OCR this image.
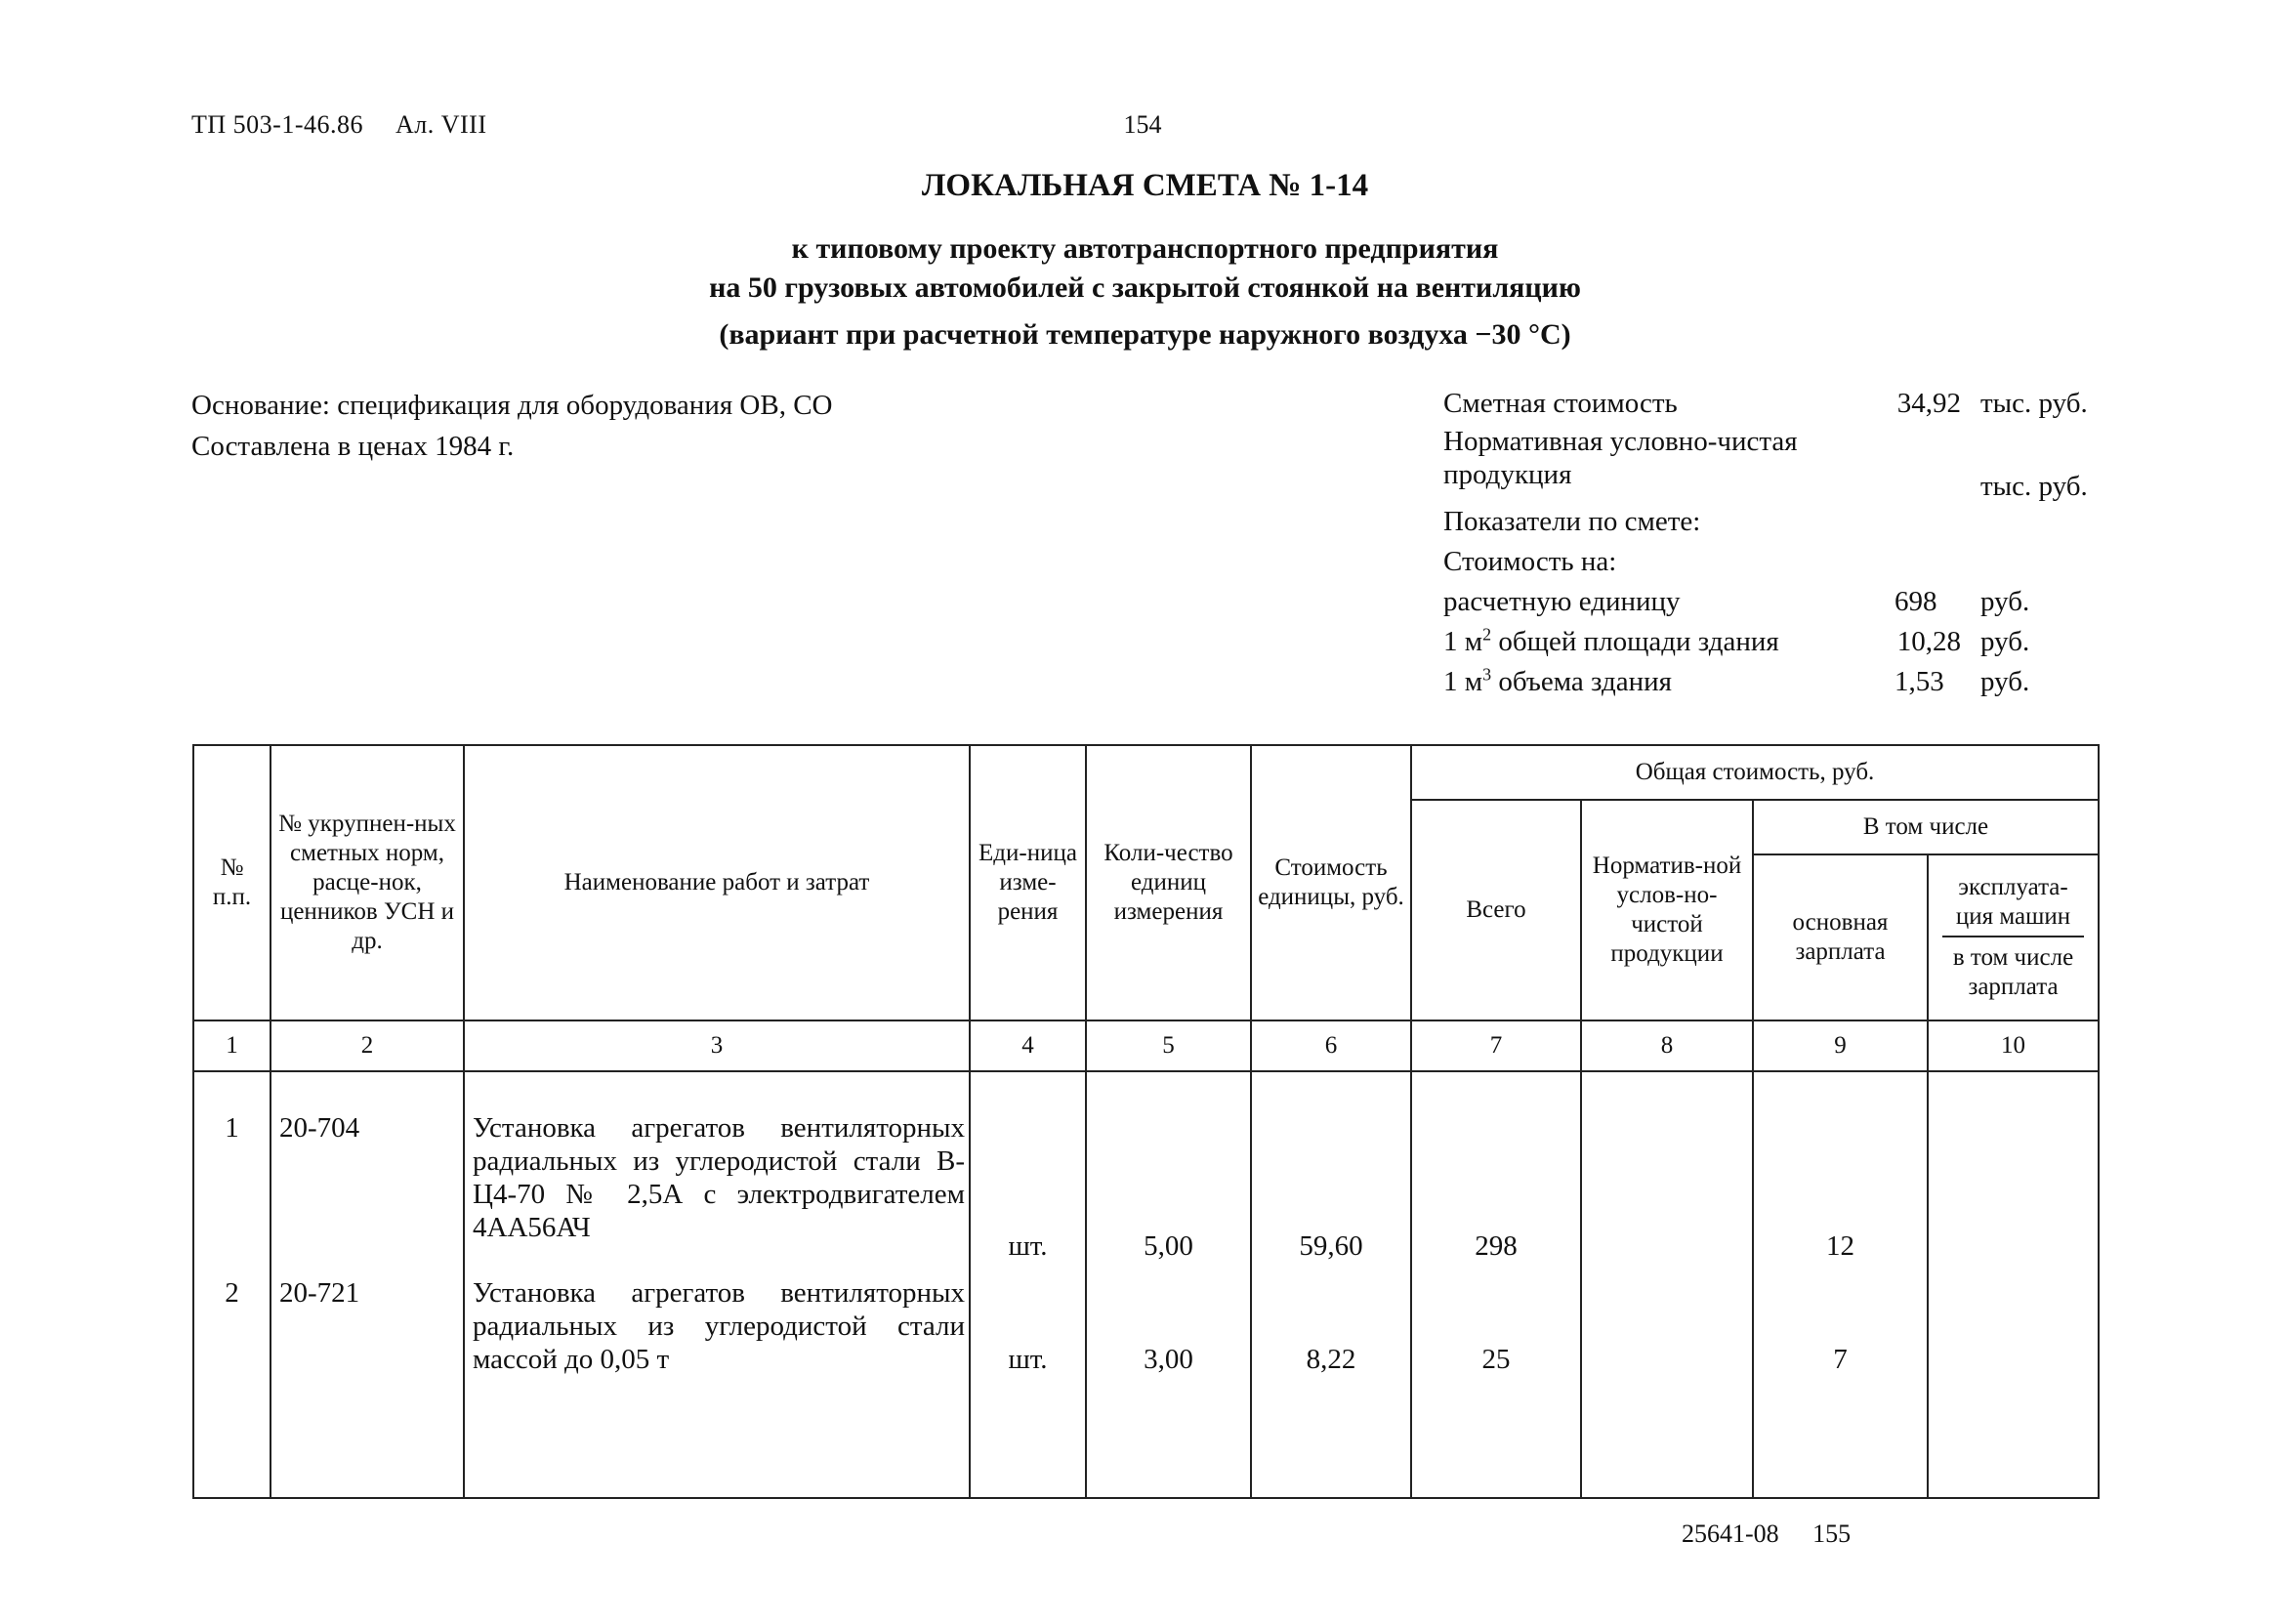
ТП 503-1-46.86 Ал. VIII	154
ЛОКАЛЬНАЯ СМЕТА № 1-14
к типовому проекту автотранспортного предприятия
на 50 грузовых автомобилей с закрытой стоянкой на вентиляцию
(вариант при расчетной температуре наружного воздуха −30 °С)
Основание: спецификация для оборудования ОВ, СО
Составлена в ценах 1984 г.
Сметная стоимость	34,92 тыс. руб.
Нормативная условно-чистая
продукция	тыс. руб.
Показатели по смете:
Стоимость на:
расчетную единицу	698	руб.
1 $м^2$ общей площади здания	10,28 руб.
1 $м^3$ объема здания	1,53	руб.
№ п.п.	№ укрупнен-ных сметных норм, расце-нок, ценников УСН и др.	Наименование работ и затрат	Еди-ница изме-рения	Коли-чество единиц измерения	Стоимость единицы, руб.	Общая стоимость, руб.			
						Всего	Норматив-ной услов-но-чистой продукции	В том числе	
								основная зарплата	эксплуата-ция машин
в том числе зарплата

1	2	3	4	5	6	7	8	9	10
1	20-704	Установка агрегатов вентиляторных радиальных из углеродистой стали В-Ц4-70 № 2,5А с электродвигателем 4АА56АЧ	шт.	5,00	59,60	298		12	
2	20-721	Установка агрегатов вентиляторных радиальных из углеродистой стали массой до 0,05 т	шт.	3,00	8,22	25		7	
25641-08 155
